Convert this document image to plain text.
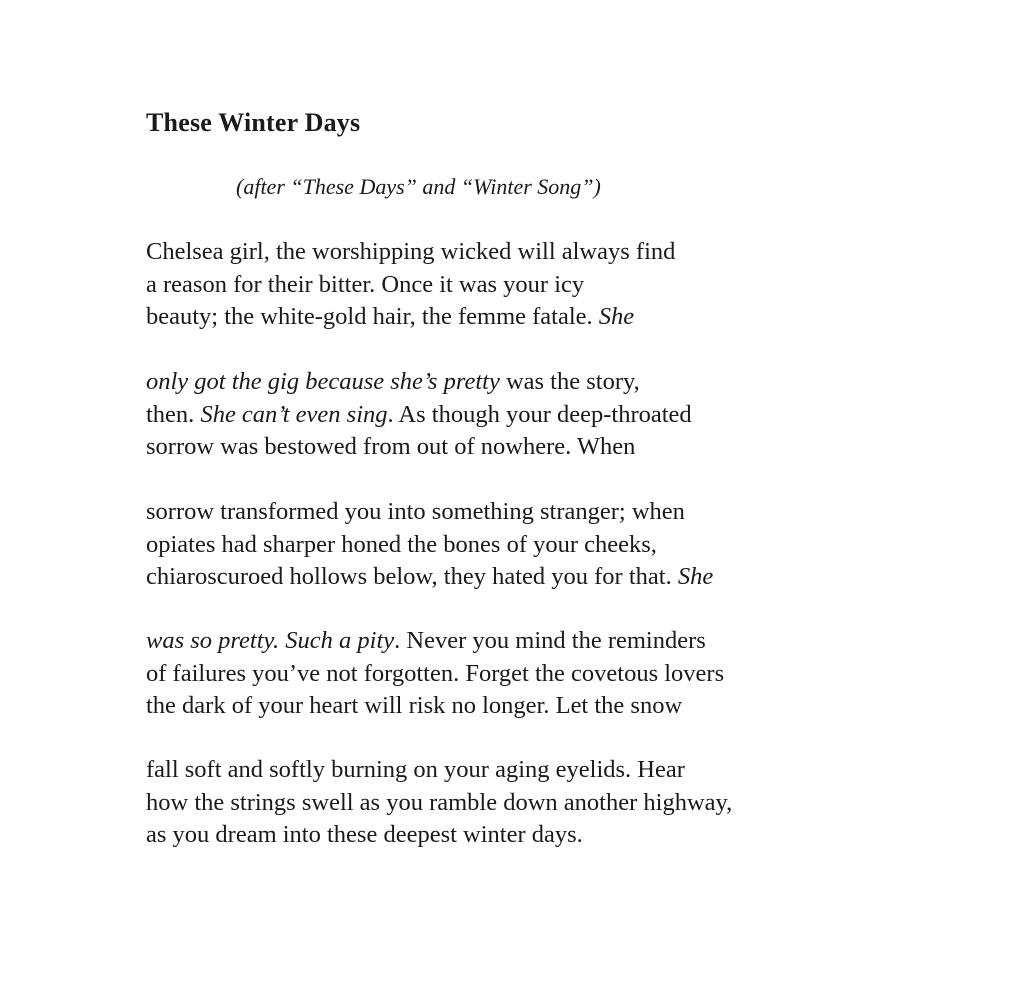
These Winter Days
(after “These Days” and “Winter Song”)
Chelsea girl, the worshipping wicked will always find
a reason for their bitter. Once it was your icy
beauty; the white-gold hair, the femme fatale. She
only got the gig because she’s pretty was the story,
then. She can’t even sing. As though your deep-throated
sorrow was bestowed from out of nowhere. When
sorrow transformed you into something stranger; when
opiates had sharper honed the bones of your cheeks,
chiaroscuroed hollows below, they hated you for that. She
was so pretty. Such a pity. Never you mind the reminders
of failures you’ve not forgotten. Forget the covetous lovers
the dark of your heart will risk no longer. Let the snow
fall soft and softly burning on your aging eyelids. Hear
how the strings swell as you ramble down another highway,
as you dream into these deepest winter days.
